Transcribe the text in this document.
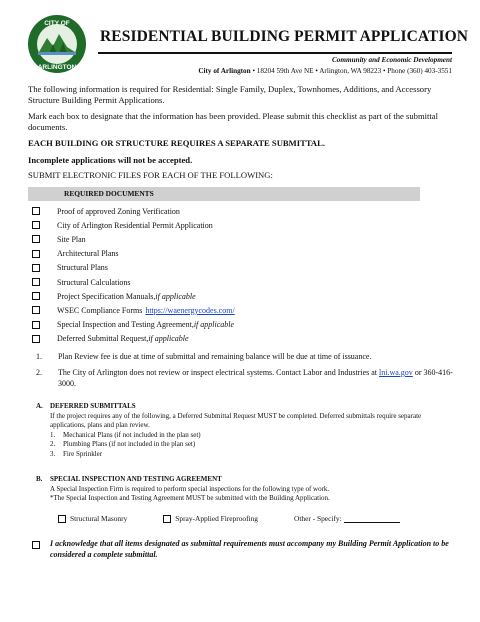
CITY OF
ARLINGTON
RESIDENTIAL BUILDING PERMIT APPLICATION
Community and Economic Development
City of Arlington • 18204 59th Ave NE • Arlington, WA 98223 • Phone (360) 403-3551
The following information is required for Residential: Single Family, Duplex, Townhomes, Additions, and Accessory Structure Building Permit Applications.
Mark each box to designate that the information has been provided. Please submit this checklist as part of the submittal documents.
EACH BUILDING OR STRUCTURE REQUIRES A SEPARATE SUBMITTAL.
Incomplete applications will not be accepted.
SUBMIT ELECTRONIC FILES FOR EACH OF THE FOLLOWING:
REQUIRED DOCUMENTS
Proof of approved Zoning Verification
City of Arlington Residential Permit Application
Site Plan
Architectural Plans
Structural Plans
Structural Calculations
Project Specification Manuals, if applicable
WSEC Compliance Forms https://waenergycodes.com/
Special Inspection and Testing Agreement, if applicable
Deferred Submittal Request, if applicable
1.	Plan Review fee is due at time of submittal and remaining balance will be due at time of issuance.
2.	The City of Arlington does not review or inspect electrical systems. Contact Labor and Industries at lni.wa.gov or 360-416-3000.
A. DEFERRED SUBMITTALS
If the project requires any of the following, a Deferred Submittal Request MUST be completed. Deferred submittals require separate applications, plans and plan review.
1.	Mechanical Plans (if not included in the plan set)
2.	Plumbing Plans (if not included in the plan set)
3.	Fire Sprinkler
B. SPECIAL INSPECTION AND TESTING AGREEMENT
A Special Inspection Firm is required to perform special inspections for the following type of work.
*The Special Inspection and Testing Agreement MUST be submitted with the Building Application.
Structural Masonry	Spray-Applied Fireproofing	Other - Specify:
I acknowledge that all items designated as submittal requirements must accompany my Building Permit Application to be considered a complete submittal.
